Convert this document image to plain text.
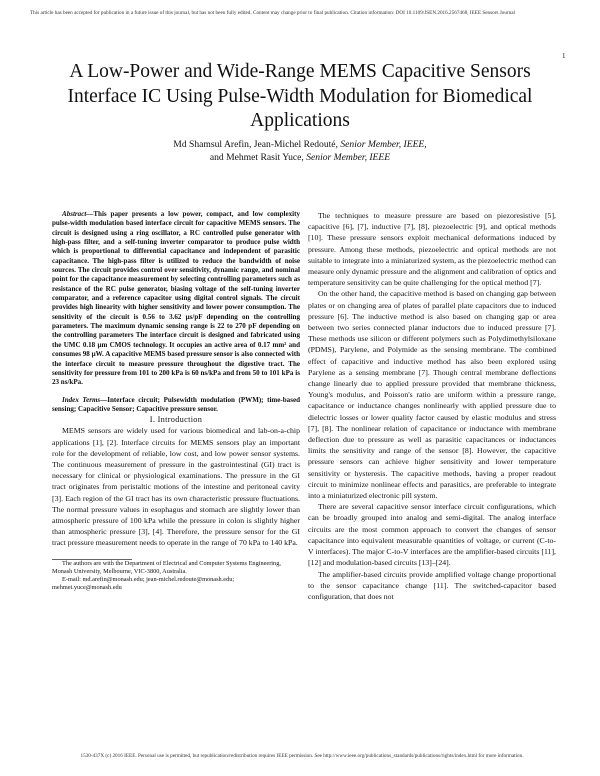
This article has been accepted for publication in a future issue of this journal, but has not been fully edited. Content may change prior to final publication. Citation information: DOI 10.1109/JSEN.2016.2567468, IEEE Sensors Journal
1
A Low-Power and Wide-Range MEMS Capacitive Sensors Interface IC Using Pulse-Width Modulation for Biomedical Applications
Md Shamsul Arefin, Jean-Michel Redouté, Senior Member, IEEE,
and Mehmet Rasit Yuce, Senior Member, IEEE

Abstract—This paper presents a low power, compact, and low complexity pulse-width modulation based interface circuit for capacitive MEMS sensors. The circuit is designed using a ring oscillator, a RC controlled pulse generator with high-pass filter, and a self-tuning inverter comparator to produce pulse width which is proportional to differential capacitance and independent of parasitic capacitance. The high-pass filter is utilized to reduce the bandwidth of noise sources. The circuit provides control over sensitivity, dynamic range, and nominal point for the capacitance measurement by selecting controlling parameters such as resistance of the RC pulse generator, biasing voltage of the self-tuning inverter comparator, and a reference capacitor using digital control signals. The circuit provides high linearity with higher sensitivity and lower power consumption. The sensitivity of the circuit is 0.56 to 3.62 μs/pF depending on the controlling parameters. The maximum dynamic sensing range is 22 to 270 pF depending on the controlling parameters The interface circuit is designed and fabricated using the UMC 0.18 μm CMOS technology. It occupies an active area of 0.17 mm² and consumes 98 μW. A capacitive MEMS based pressure sensor is also connected with the interface circuit to measure pressure throughout the digestive tract. The sensitivity for pressure from 101 to 200 kPa is 60 ns/kPa and from 50 to 101 kPa is 23 ns/kPa.

Index Terms—Interface circuit; Pulsewidth modulation (PWM); time-based sensing; Capacitive Sensor; Capacitive pressure sensor.

I. Introduction

MEMS sensors are widely used for various biomedical and lab-on-a-chip applications [1], [2]. Interface circuits for MEMS sensors play an important role for the development of reliable, low cost, and low power sensor systems. The continuous measurement of pressure in the gastrointestinal (GI) tract is necessary for clinical or physiological examinations. The pressure in the GI tract originates from peristaltic motions of the intestine and peritoneal cavity [3]. Each region of the GI tract has its own characteristic pressure fluctuations. The normal pressure values in esophagus and stomach are slightly lower than atmospheric pressure of 100 kPa while the pressure in colon is slightly higher than atmospheric pressure [3], [4]. Therefore, the pressure sensor for the GI tract pressure measurement needs to operate in the range of 70 kPa to 140 kPa.

The authors are with the Department of Electrical and Computer Systems Engineering, Monash University, Melbourne, VIC-3800, Australia.

E-mail: md.arefin@monash.edu; jean-michel.redoute@monash.edu; mehmet.yuce@monash.edu

The techniques to measure pressure are based on piezoresistive [5], capacitive [6], [7], inductive [7], [8], piezoelectric [9], and optical methods [10]. These pressure sensors exploit mechanical deformations induced by pressure. Among these methods, piezoelectric and optical methods are not suitable to integrate into a miniaturized system, as the piezoelectric method can measure only dynamic pressure and the alignment and calibration of optics and temperature sensitivity can be quite challenging for the optical method [7].

On the other hand, the capacitive method is based on changing gap between plates or on changing area of plates of parallel plate capacitors due to induced pressure [6]. The inductive method is also based on changing gap or area between two series connected planar inductors due to induced pressure [7]. These methods use silicon or different polymers such as Polydimethylsiloxane (PDMS), Parylene, and Polymide as the sensing membrane. The combined effect of capacitive and inductive method has also been explored using Parylene as a sensing membrane [7]. Though central membrane deflections change linearly due to applied pressure provided that membrane thickness, Young's modulus, and Poisson's ratio are uniform within a pressure range, capacitance or inductance changes nonlinearly with applied pressure due to dielectric losses or lower quality factor caused by elastic modulus and stress [7], [8]. The nonlinear relation of capacitance or inductance with membrane deflection due to pressure as well as parasitic capacitances or inductances limits the sensitivity and range of the sensor [8]. However, the capacitive pressure sensors can achieve higher sensitivity and lower temperature sensitivity or hysteresis. The capacitive methods, having a proper readout circuit to minimize nonlinear effects and parasitics, are preferable to integrate into a miniaturized electronic pill system.

There are several capacitive sensor interface circuit configurations, which can be broadly grouped into analog and semi-digital. The analog interface circuits are the most common approach to convert the changes of sensor capacitance into equivalent measurable quantities of voltage, or current (C-to-V interfaces). The major C-to-V interfaces are the amplifier-based circuits [11], [12] and modulation-based circuits [13]–[24].

The amplifier-based circuits provide amplified voltage change proportional to the sensor capacitance change [11]. The switched-capacitor based configuration, that does not

1530-437X (c) 2016 IEEE. Personal use is permitted, but republication/redistribution requires IEEE permission. See http://www.ieee.org/publications_standards/publications/rights/index.html for more information.
